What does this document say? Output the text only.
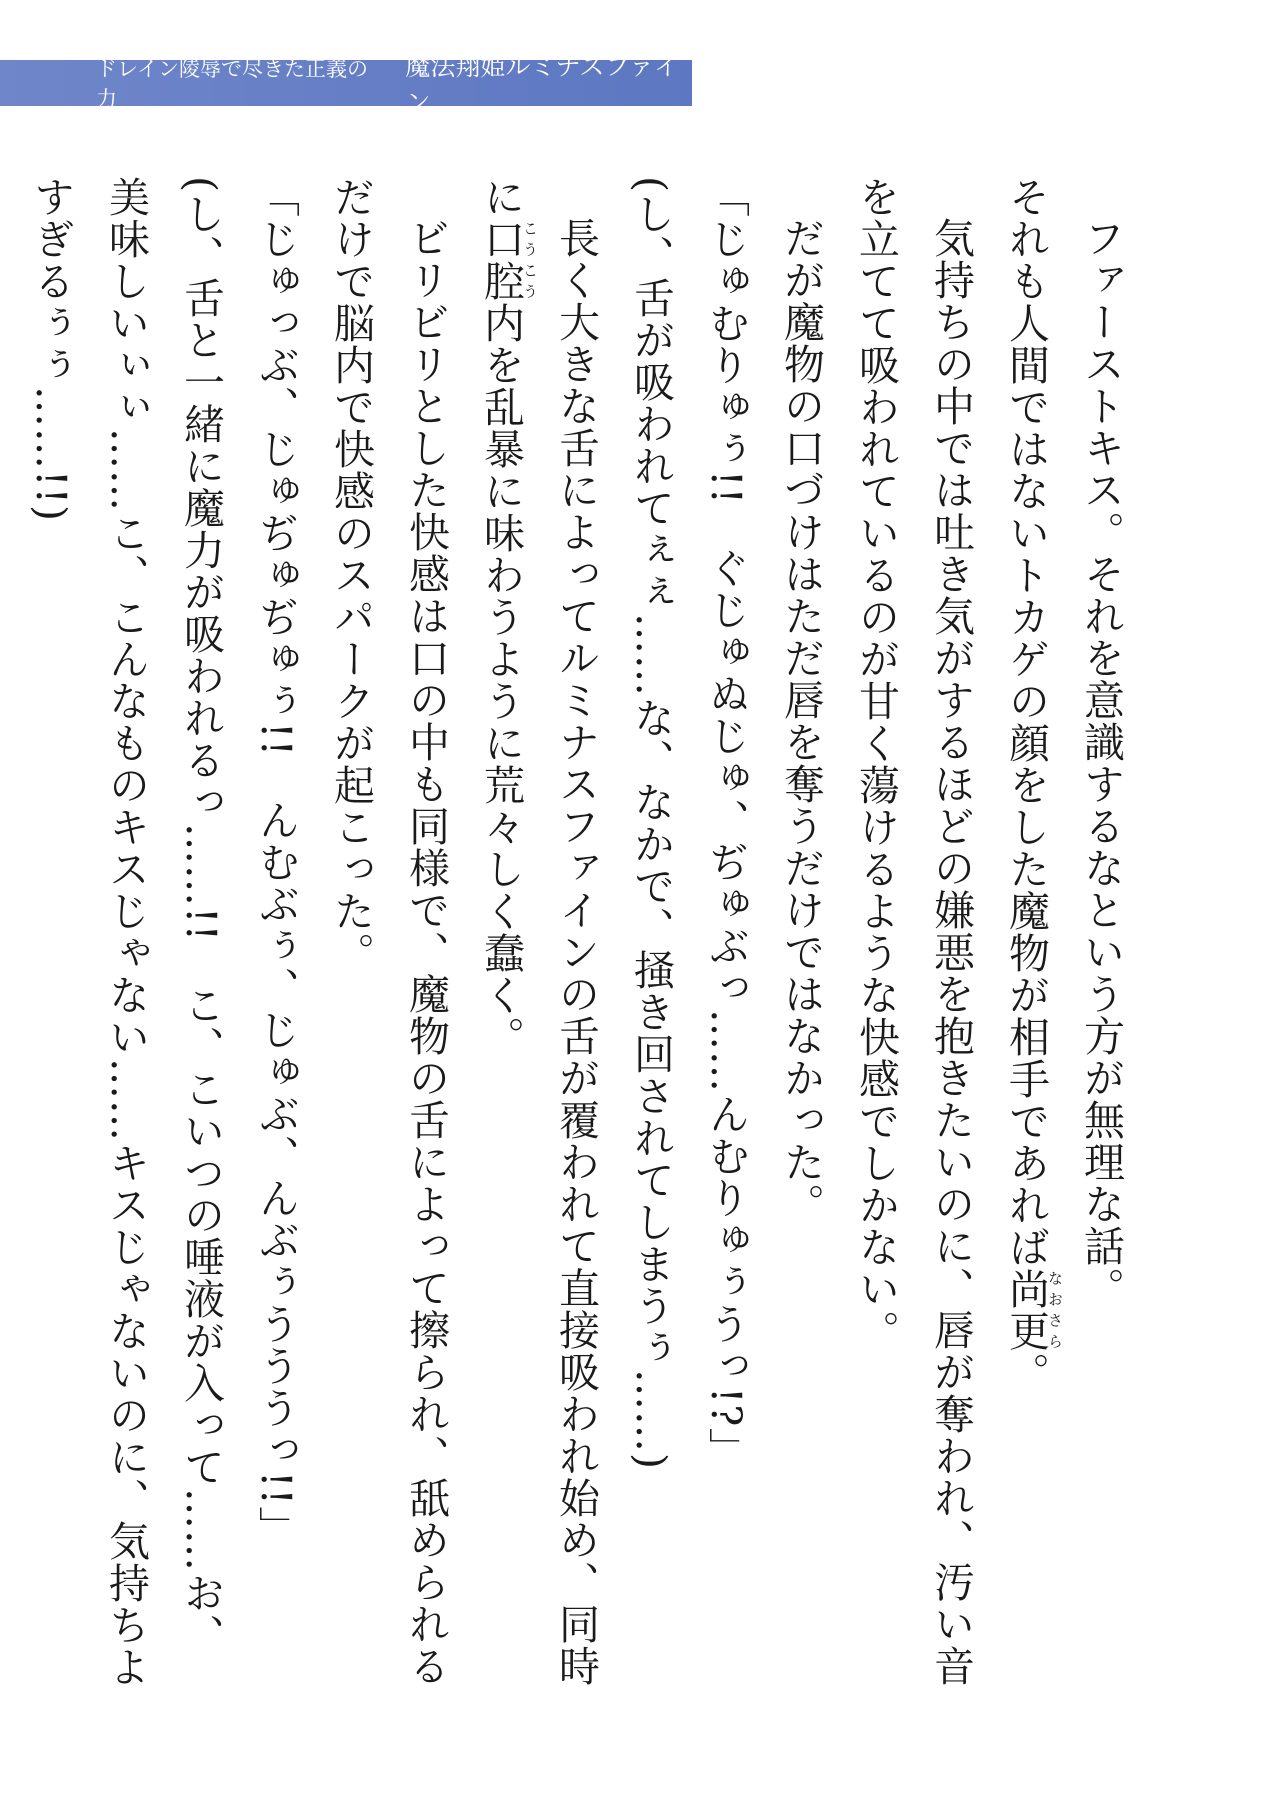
ドレイン陵辱で尽きた正義の力
魔法翔姫ルミナスファイン

ファーストキス。それを意識するなという方が無理な話。

それも人間ではないトカゲの顔をした魔物が相手であれば尚更なおさら。

気持ちの中では吐き気がするほどの嫌悪を抱きたいのに、唇が奪われ、汚い音

を立てて吸われているのが甘く蕩けるような快感でしかない。

だが魔物の口づけはただ唇を奪うだけではなかった。

「じゅむりゅぅ!!　ぐじゅぬじゅ、ぢゅぶっ……んむりゅぅうっ!?」

(し、舌が吸われてぇぇ……な、なかで、掻き回されてしまうぅ……)

長く大きな舌によってルミナスファインの舌が覆われて直接吸われ始め、同時

に口腔こうこう内を乱暴に味わうように荒々しく蠢く。

ビリビリとした快感は口の中も同様で、魔物の舌によって擦られ、舐められる

だけで脳内で快感のスパークが起こった。

「じゅっぶ、じゅぢゅぢゅぅ!!　んむぶぅ、じゅぶ、んぶぅうううっ!!」

(し、舌と一緒に魔力が吸われるっ……!!　こ、こいつの唾液が入って……お、

美味しいぃぃ……こ、こんなものキスじゃない……キスじゃないのに、気持ちよ

すぎるぅぅ……!!)
